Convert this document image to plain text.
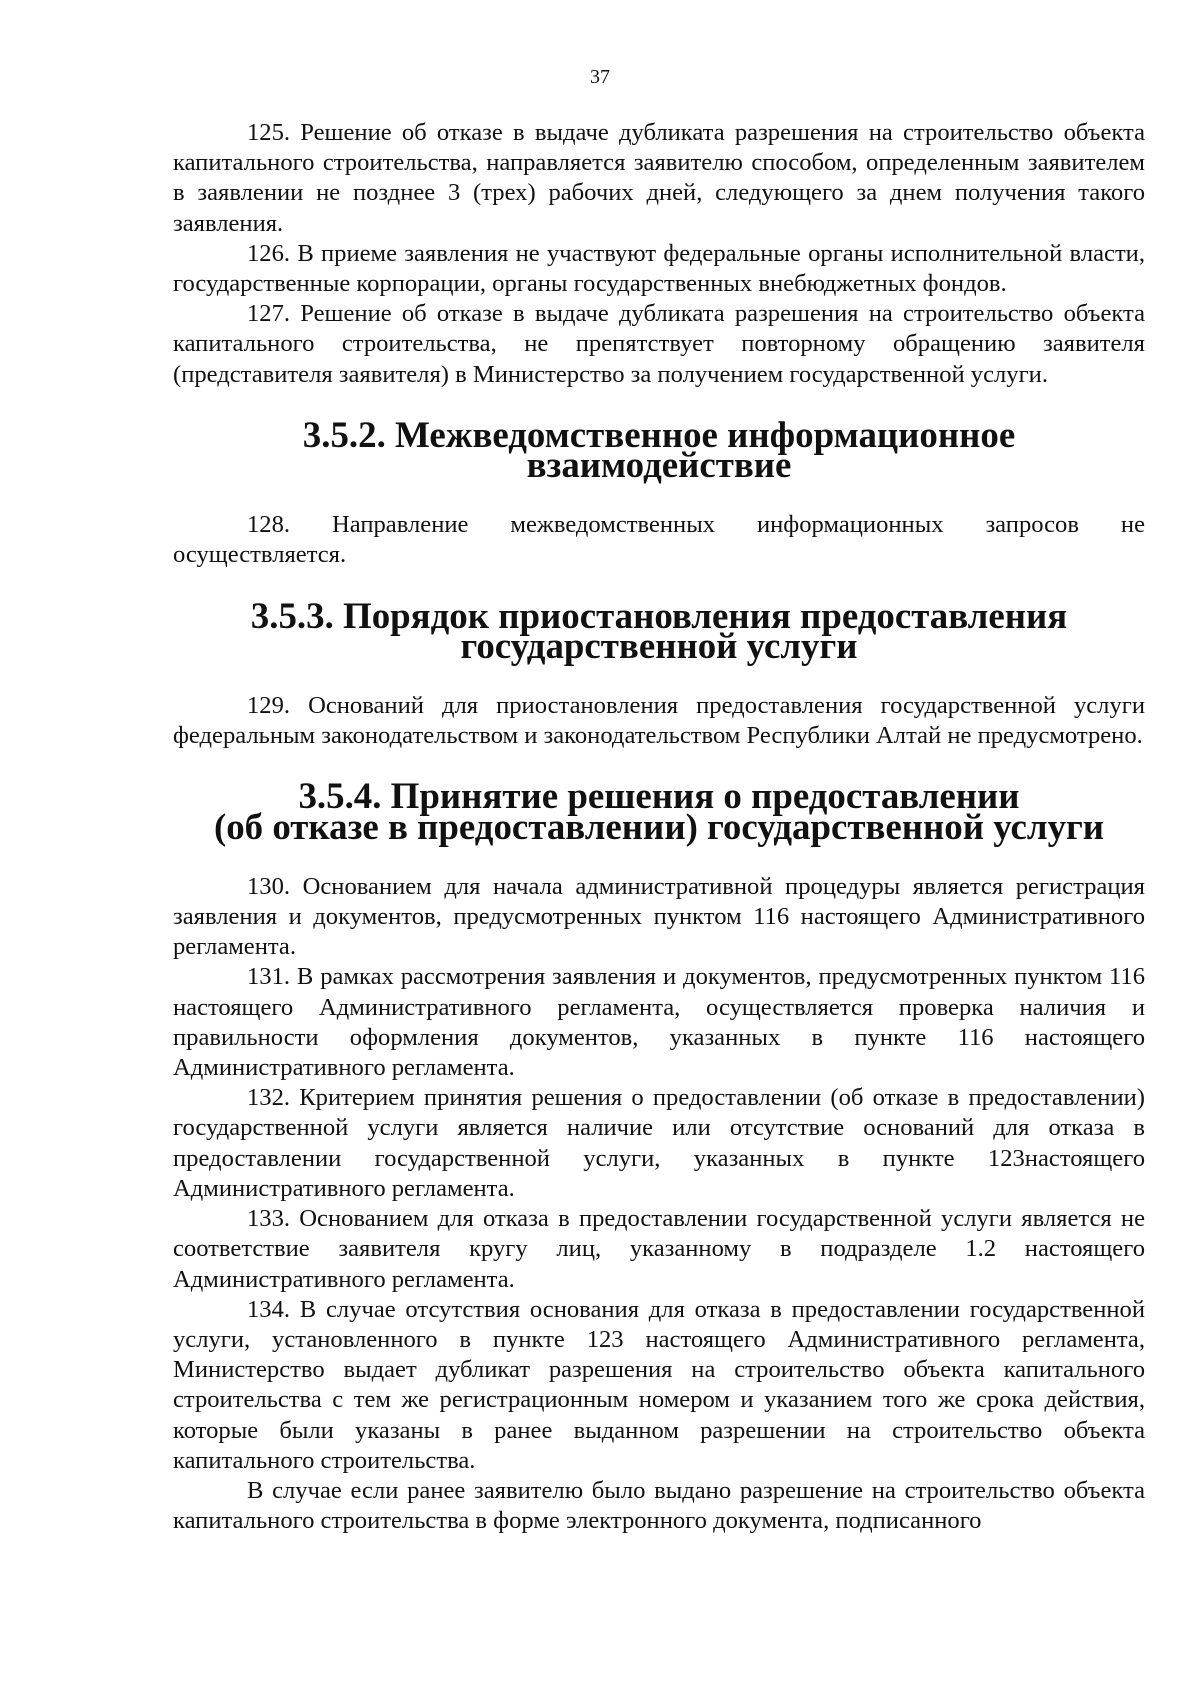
37

125. Решение об отказе в выдаче дубликата разрешения на строительство объекта капитального строительства, направляется заявителю способом, определенным заявителем в заявлении не позднее 3 (трех) рабочих дней, следующего за днем получения такого заявления.

126. В приеме заявления не участвуют федеральные органы исполнительной власти, государственные корпорации, органы государственных внебюджетных фондов.

127. Решение об отказе в выдаче дубликата разрешения на строительство объекта капитального строительства, не препятствует повторному обращению заявителя (представителя заявителя) в Министерство за получением государственной услуги.

3.5.2. Межведомственное информационное взаимодействие

128. Направление межведомственных информационных запросов не осуществляется.

3.5.3. Порядок приостановления предоставления
государственной услуги

129. Оснований для приостановления предоставления государственной услуги федеральным законодательством и законодательством Республики Алтай не предусмотрено.

3.5.4. Принятие решения о предоставлении
(об отказе в предоставлении) государственной услуги

130. Основанием для начала административной процедуры является регистрация заявления и документов, предусмотренных пунктом 116 настоящего Административного регламента.

131. В рамках рассмотрения заявления и документов, предусмотренных пунктом 116 настоящего Административного регламента, осуществляется проверка наличия и правильности оформления документов, указанных в пункте 116 настоящего Административного регламента.

132. Критерием принятия решения о предоставлении (об отказе в предоставлении) государственной услуги является наличие или отсутствие оснований для отказа в предоставлении государственной услуги, указанных в пункте 123настоящего Административного регламента.

133. Основанием для отказа в предоставлении государственной услуги является не соответствие заявителя кругу лиц, указанному в подразделе 1.2 настоящего Административного регламента.

134. В случае отсутствия основания для отказа в предоставлении государственной услуги, установленного в пункте 123 настоящего Административного регламента, Министерство выдает дубликат разрешения на строительство объекта капитального строительства с тем же регистрационным номером и указанием того же срока действия, которые были указаны в ранее выданном разрешении на строительство объекта капитального строительства.

В случае если ранее заявителю было выдано разрешение на строительство объекта капитального строительства в форме электронного документа, подписанного
